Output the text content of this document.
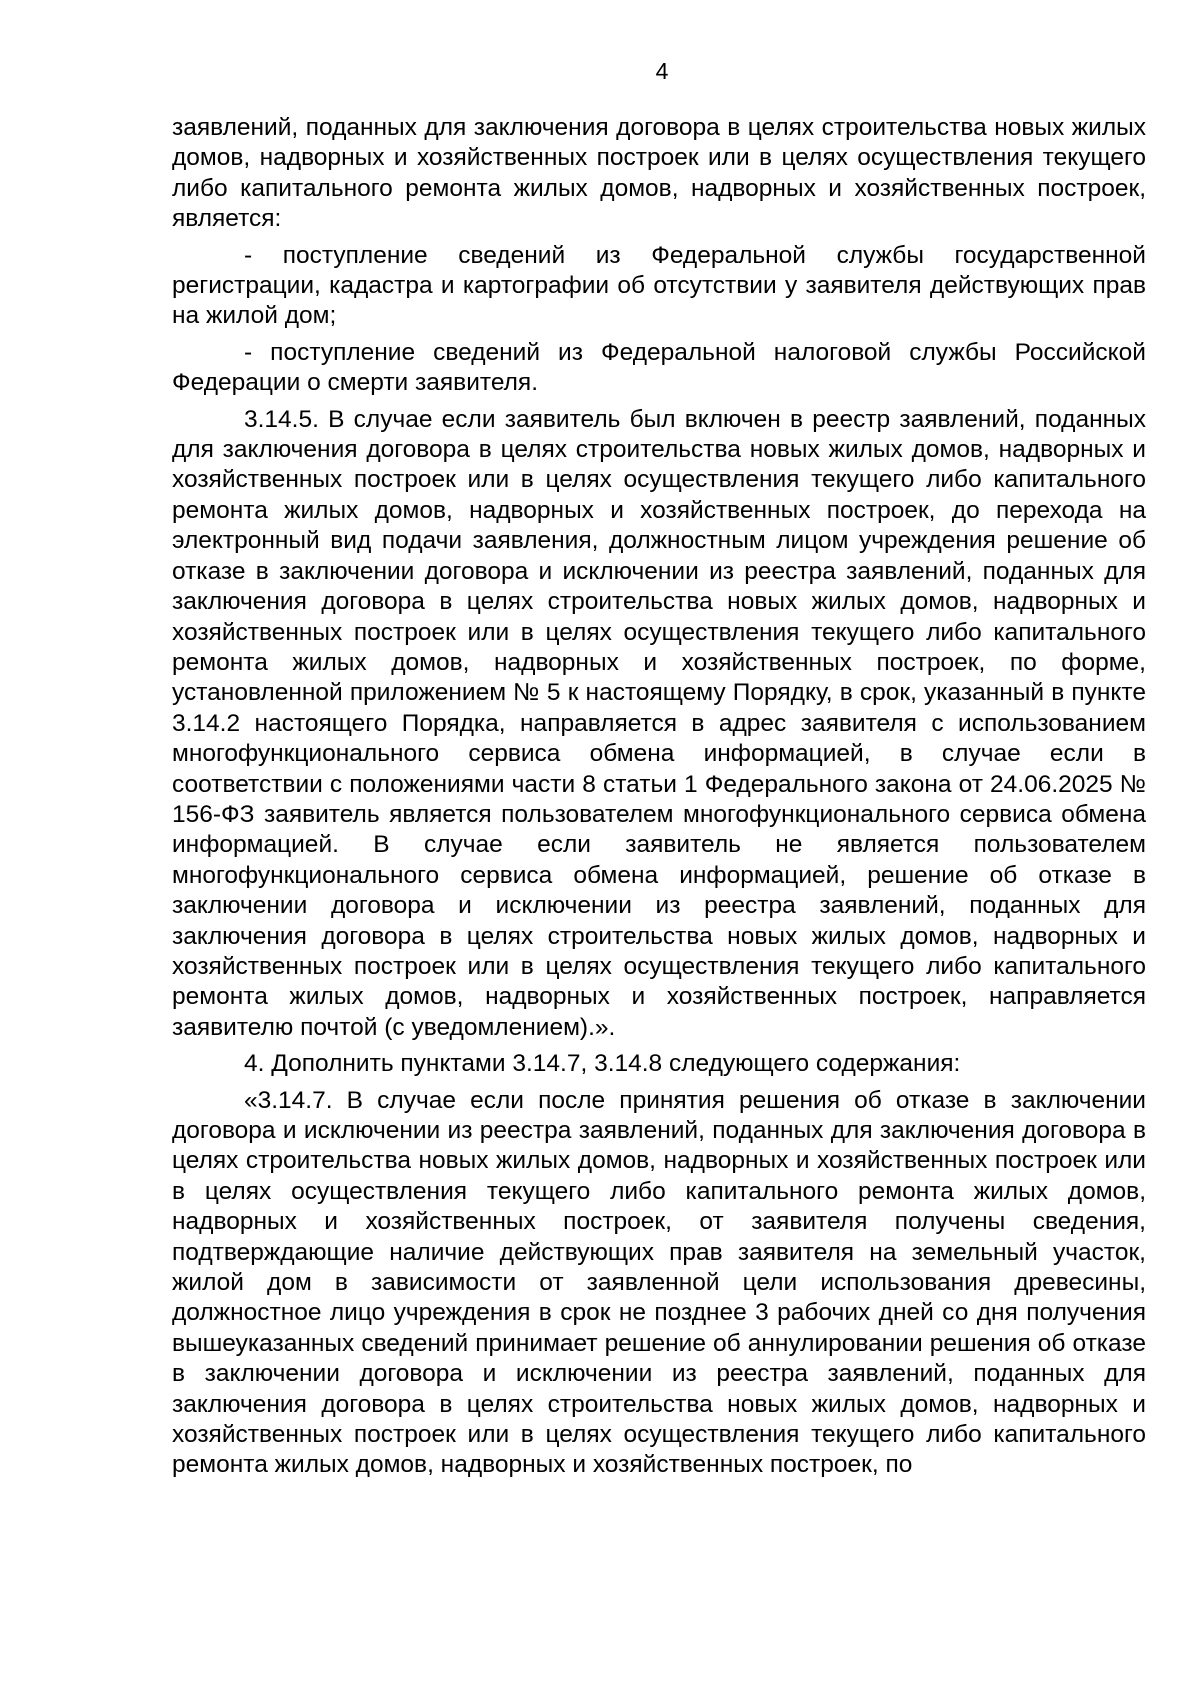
4

заявлений, поданных для заключения договора в целях строительства новых жилых домов, надворных и хозяйственных построек или в целях осуществления текущего либо капитального ремонта жилых домов, надворных и хозяйственных построек, является:

- поступление сведений из Федеральной службы государственной регистрации, кадастра и картографии об отсутствии у заявителя действующих прав на жилой дом;

- поступление сведений из Федеральной налоговой службы Российской Федерации о смерти заявителя.

3.14.5. В случае если заявитель был включен в реестр заявлений, поданных для заключения договора в целях строительства новых жилых домов, надворных и хозяйственных построек или в целях осуществления текущего либо капитального ремонта жилых домов, надворных и хозяйственных построек, до перехода на электронный вид подачи заявления, должностным лицом учреждения решение об отказе в заключении договора и исключении из реестра заявлений, поданных для заключения договора в целях строительства новых жилых домов, надворных и хозяйственных построек или в целях осуществления текущего либо капитального ремонта жилых домов, надворных и хозяйственных построек, по форме, установленной приложением № 5 к настоящему Порядку, в срок, указанный в пункте 3.14.2 настоящего Порядка, направляется в адрес заявителя с использованием многофункционального сервиса обмена информацией, в случае если в соответствии с положениями части 8 статьи 1 Федерального закона от 24.06.2025 № 156-ФЗ заявитель является пользователем многофункционального сервиса обмена информацией. В случае если заявитель не является пользователем многофункционального сервиса обмена информацией, решение об отказе в заключении договора и исключении из реестра заявлений, поданных для заключения договора в целях строительства новых жилых домов, надворных и хозяйственных построек или в целях осуществления текущего либо капитального ремонта жилых домов, надворных и хозяйственных построек, направляется заявителю почтой (с уведомлением).».

4. Дополнить пунктами 3.14.7, 3.14.8 следующего содержания:

«3.14.7. В случае если после принятия решения об отказе в заключении договора и исключении из реестра заявлений, поданных для заключения договора в целях строительства новых жилых домов, надворных и хозяйственных построек или в целях осуществления текущего либо капитального ремонта жилых домов, надворных и хозяйственных построек, от заявителя получены сведения, подтверждающие наличие действующих прав заявителя на земельный участок, жилой дом в зависимости от заявленной цели использования древесины, должностное лицо учреждения в срок не позднее 3 рабочих дней со дня получения вышеуказанных сведений принимает решение об аннулировании решения об отказе в заключении договора и исключении из реестра заявлений, поданных для заключения договора в целях строительства новых жилых домов, надворных и хозяйственных построек или в целях осуществления текущего либо капитального ремонта жилых домов, надворных и хозяйственных построек, по
